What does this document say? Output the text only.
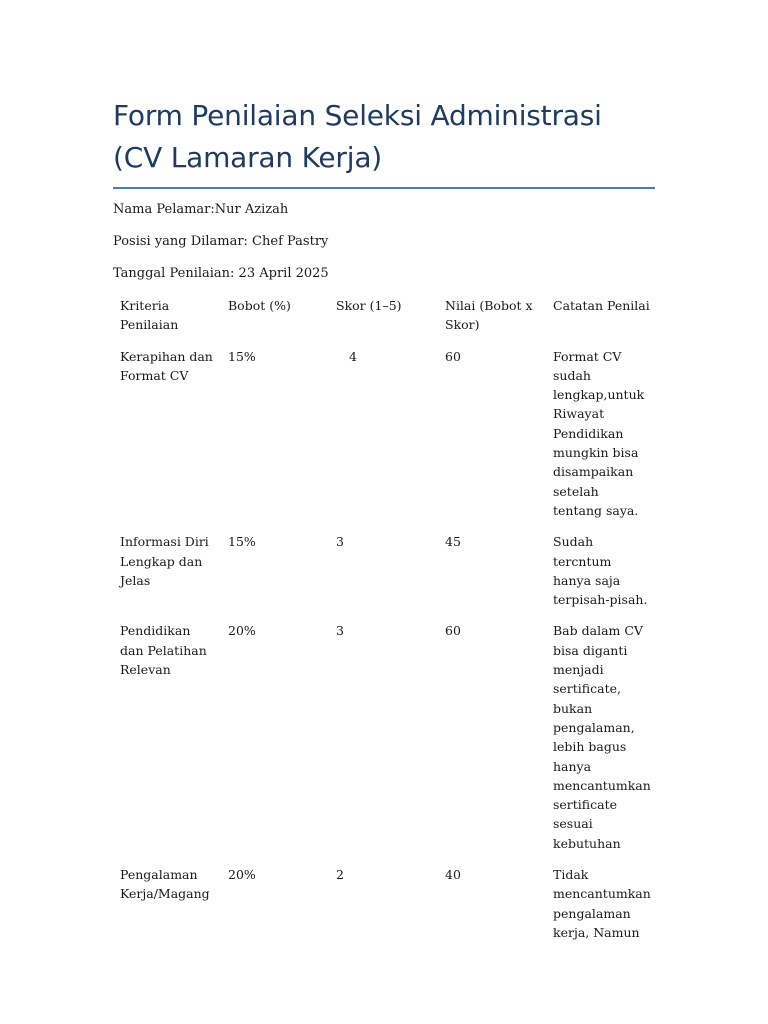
Form Penilaian Seleksi Administrasi (CV Lamaran Kerja)

Nama Pelamar:Nur Azizah

Posisi yang Dilamar: Chef Pastry

Tanggal Penilaian: 23 April 2025

Kriteria Penilaian	Bobot (%)	Skor (1–5)	Nilai (Bobot x Skor)	Catatan Penilai
Kerapihan dan Format CV	15%	4	60	Format CV sudah lengkap,untuk Riwayat Pendidikan mungkin bisa disampaikan setelah tentang saya.
Informasi Diri Lengkap dan Jelas	15%	3	45	Sudah tercntum hanya saja terpisah-pisah.
Pendidikan dan Pelatihan Relevan	20%	3	60	Bab dalam CV bisa diganti menjadi sertificate, bukan pengalaman, lebih bagus hanya mencantumkan sertificate sesuai kebutuhan
Pengalaman Kerja/Magang	20%	2	40	Tidak mencantumkan pengalaman kerja, Namun
